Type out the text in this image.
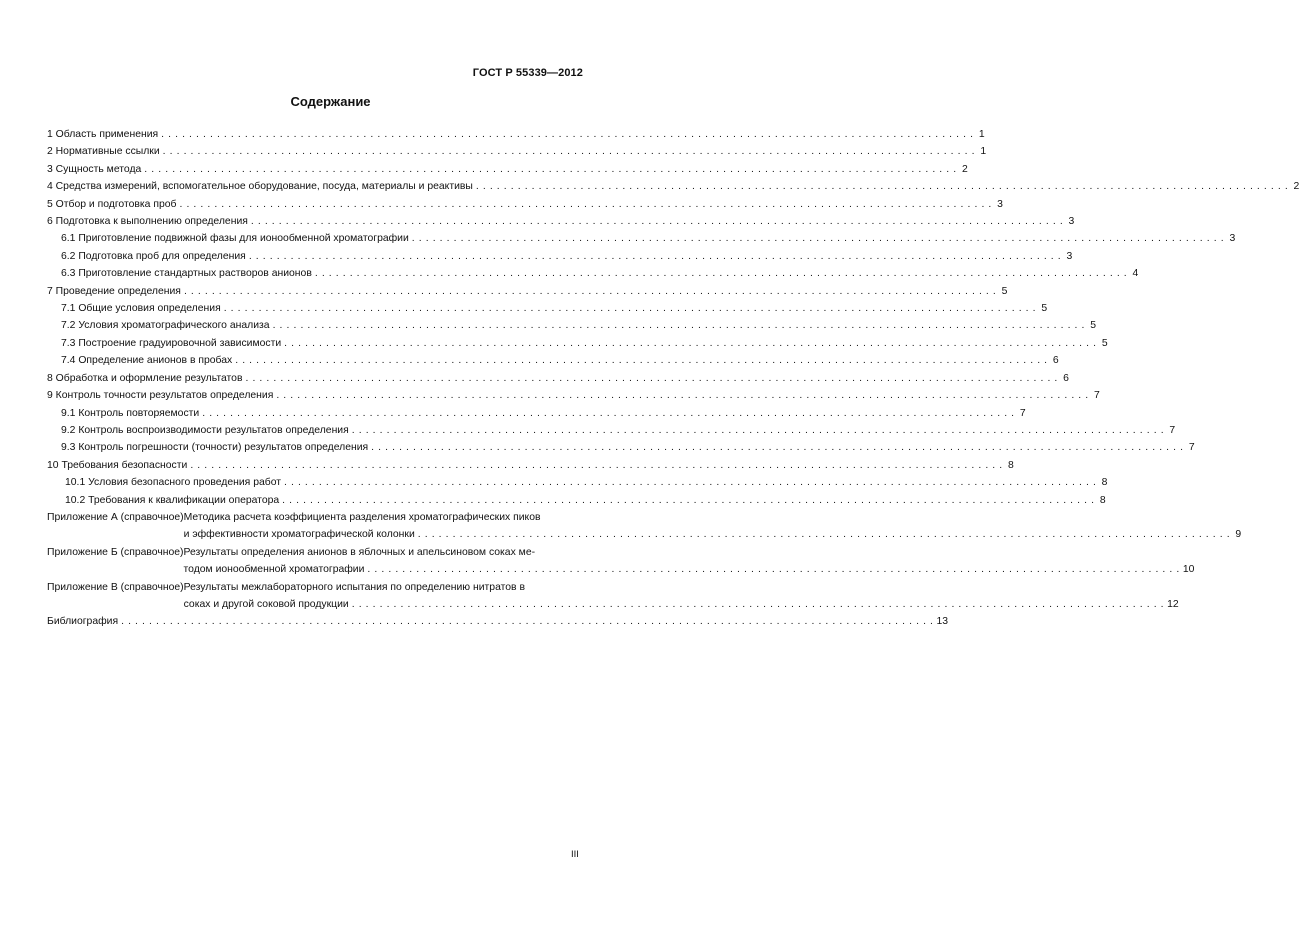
ГОСТ Р 55339—2012
Содержание
1 Область применения . . .	1
2 Нормативные ссылки . . .	1
3 Сущность метода . . .	2
4 Средства измерений, вспомогательное оборудование, посуда, материалы и реактивы . . .	2
5 Отбор и подготовка проб . . .	3
6 Подготовка к выполнению определения . . .	3
6.1 Приготовление подвижной фазы для ионообменной хроматографии . . .	3
6.2 Подготовка проб для определения . . .	3
6.3 Приготовление стандартных растворов анионов . . .	4
7 Проведение определения . . .	5
7.1 Общие условия определения . . .	5
7.2 Условия хроматографического анализа . . .	5
7.3 Построение градуировочной зависимости . . .	5
7.4 Определение анионов в пробах . . .	6
8 Обработка и оформление результатов . . .	6
9 Контроль точности результатов определения . . .	7
9.1 Контроль повторяемости . . .	7
9.2 Контроль воспроизводимости результатов определения . . .	7
9.3 Контроль погрешности (точности) результатов определения . . .	7
10 Требования безопасности . . .	8
10.1 Условия безопасного проведения работ . . .	8
10.2 Требования к квалификации оператора . . .	8
Приложение А (справочное) Методика расчета коэффициента разделения хроматографических пиков
и эффективности хроматографической колонки . . .	9
Приложение Б (справочное) Результаты определения анионов в яблочных и апельсиновом соках ме-
тодом ионообменной хроматографии . . .	10
Приложение В (справочное) Результаты межлабораторного испытания по определению нитратов в
соках и другой соковой продукции . . .	12
Библиография . . .	13
III
